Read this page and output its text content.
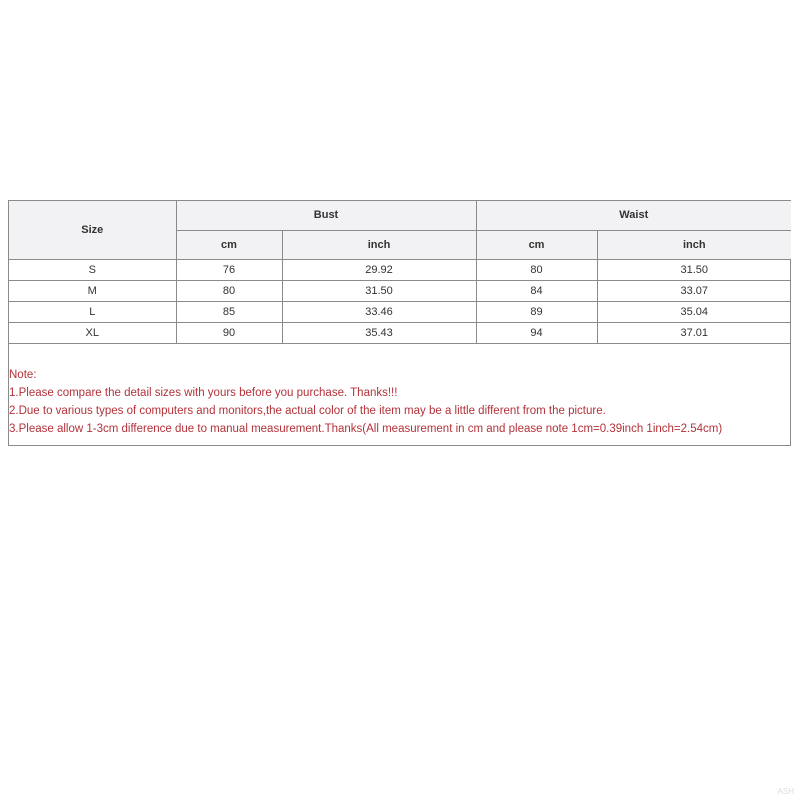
Size	Bust		Waist	
	cm	inch	cm	inch
S	76	29.92	80	31.50
M	80	31.50	84	33.07
L	85	33.46	89	35.04
XL	90	35.43	94	37.01
Note:
1.Please compare the detail sizes with yours before you purchase. Thanks!!!
2.Due to various types of computers and monitors,the actual color of the item may be a little different from the picture.
3.Please allow 1-3cm difference due to manual measurement.Thanks(All measurement in cm and please note 1cm=0.39inch 1inch=2.54cm)
ASH
